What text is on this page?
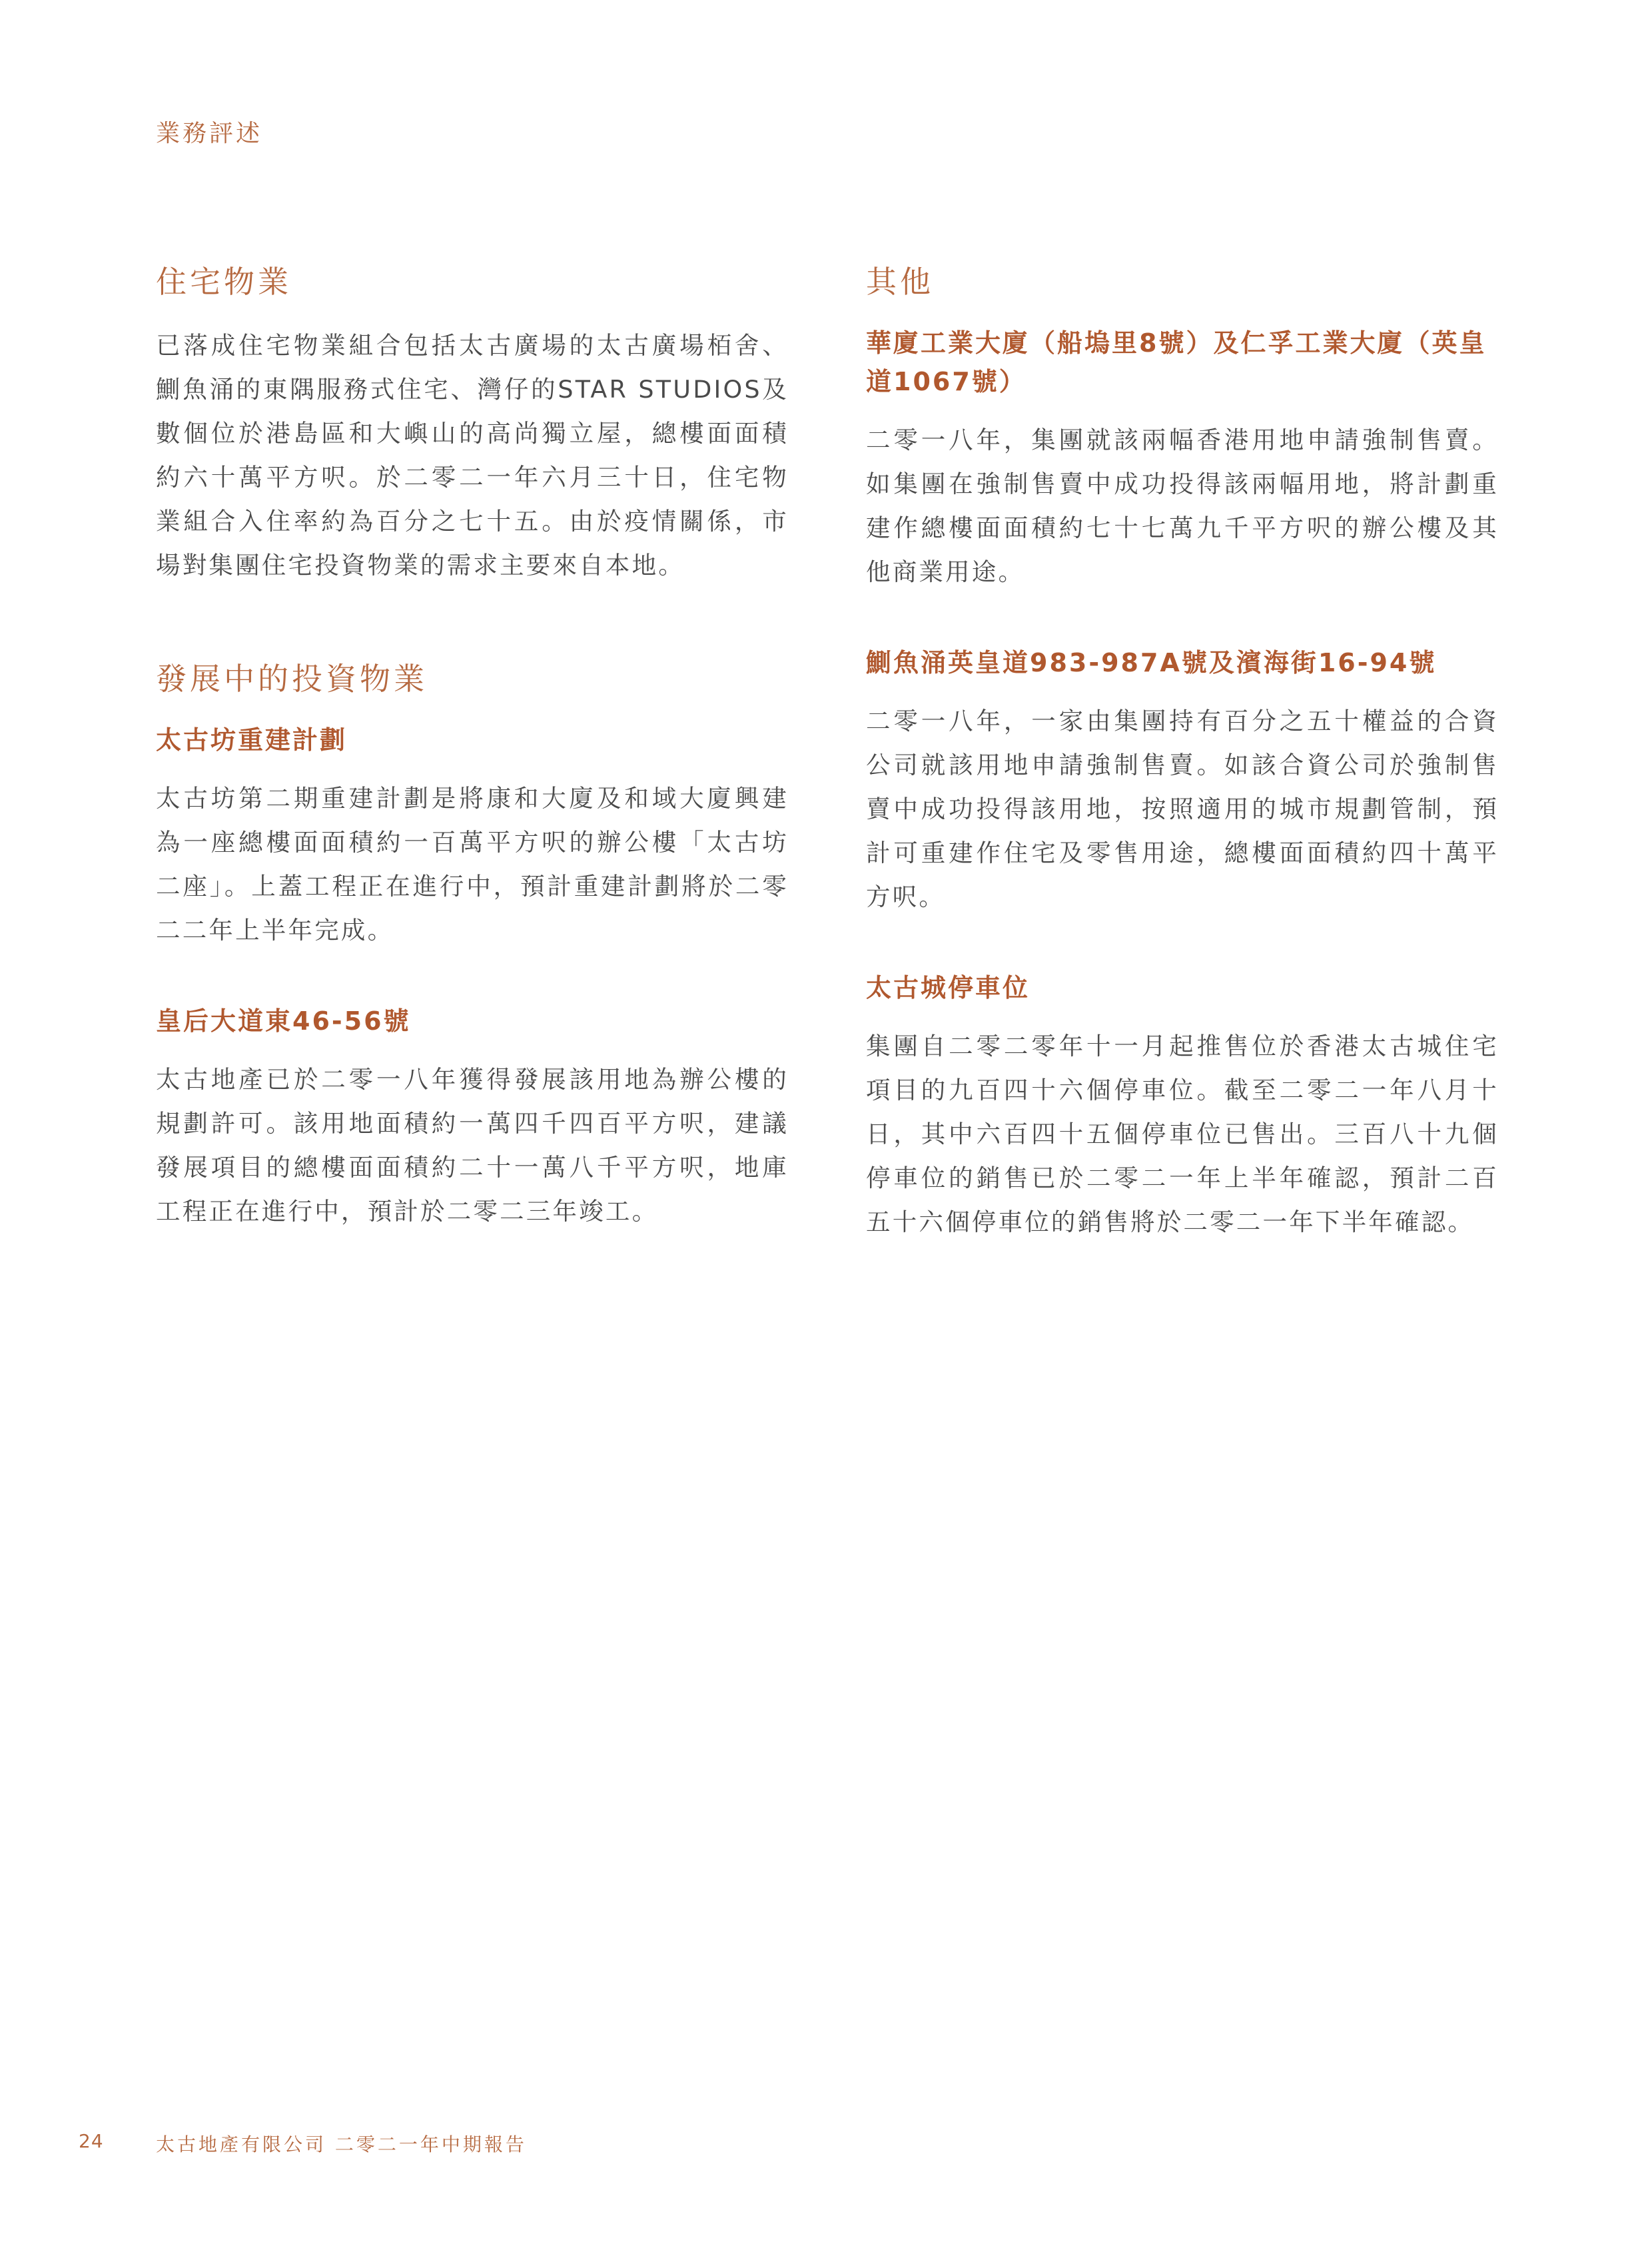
業務評述
住宅物業

已落成住宅物業組合包括太古廣場的太古廣場栢舍、鰂魚涌的東隅服務式住宅、灣仔的STAR STUDIOS及數個位於港島區和大嶼山的高尚獨立屋，總樓面面積約六十萬平方呎。於二零二一年六月三十日，住宅物業組合入住率約為百分之七十五。由於疫情關係，市場對集團住宅投資物業的需求主要來自本地。

發展中的投資物業
太古坊重建計劃

太古坊第二期重建計劃是將康和大廈及和域大廈興建為一座總樓面面積約一百萬平方呎的辦公樓「太古坊二座」。上蓋工程正在進行中，預計重建計劃將於二零二二年上半年完成。

皇后大道東46-56號

太古地產已於二零一八年獲得發展該用地為辦公樓的規劃許可。該用地面積約一萬四千四百平方呎，建議發展項目的總樓面面積約二十一萬八千平方呎，地庫工程正在進行中，預計於二零二三年竣工。

其他
華廈工業大廈（船塢里8號）及仁孚工業大廈（英皇道1067號）

二零一八年，集團就該兩幅香港用地申請強制售賣。如集團在強制售賣中成功投得該兩幅用地，將計劃重建作總樓面面積約七十七萬九千平方呎的辦公樓及其他商業用途。

鰂魚涌英皇道983-987A號及濱海街16-94號

二零一八年，一家由集團持有百分之五十權益的合資公司就該用地申請強制售賣。如該合資公司於強制售賣中成功投得該用地，按照適用的城市規劃管制，預計可重建作住宅及零售用途，總樓面面積約四十萬平方呎。

太古城停車位

集團自二零二零年十一月起推售位於香港太古城住宅項目的九百四十六個停車位。截至二零二一年八月十日，其中六百四十五個停車位已售出。三百八十九個停車位的銷售已於二零二一年上半年確認，預計二百五十六個停車位的銷售將於二零二一年下半年確認。

24	太古地產有限公司 二零二一年中期報告
